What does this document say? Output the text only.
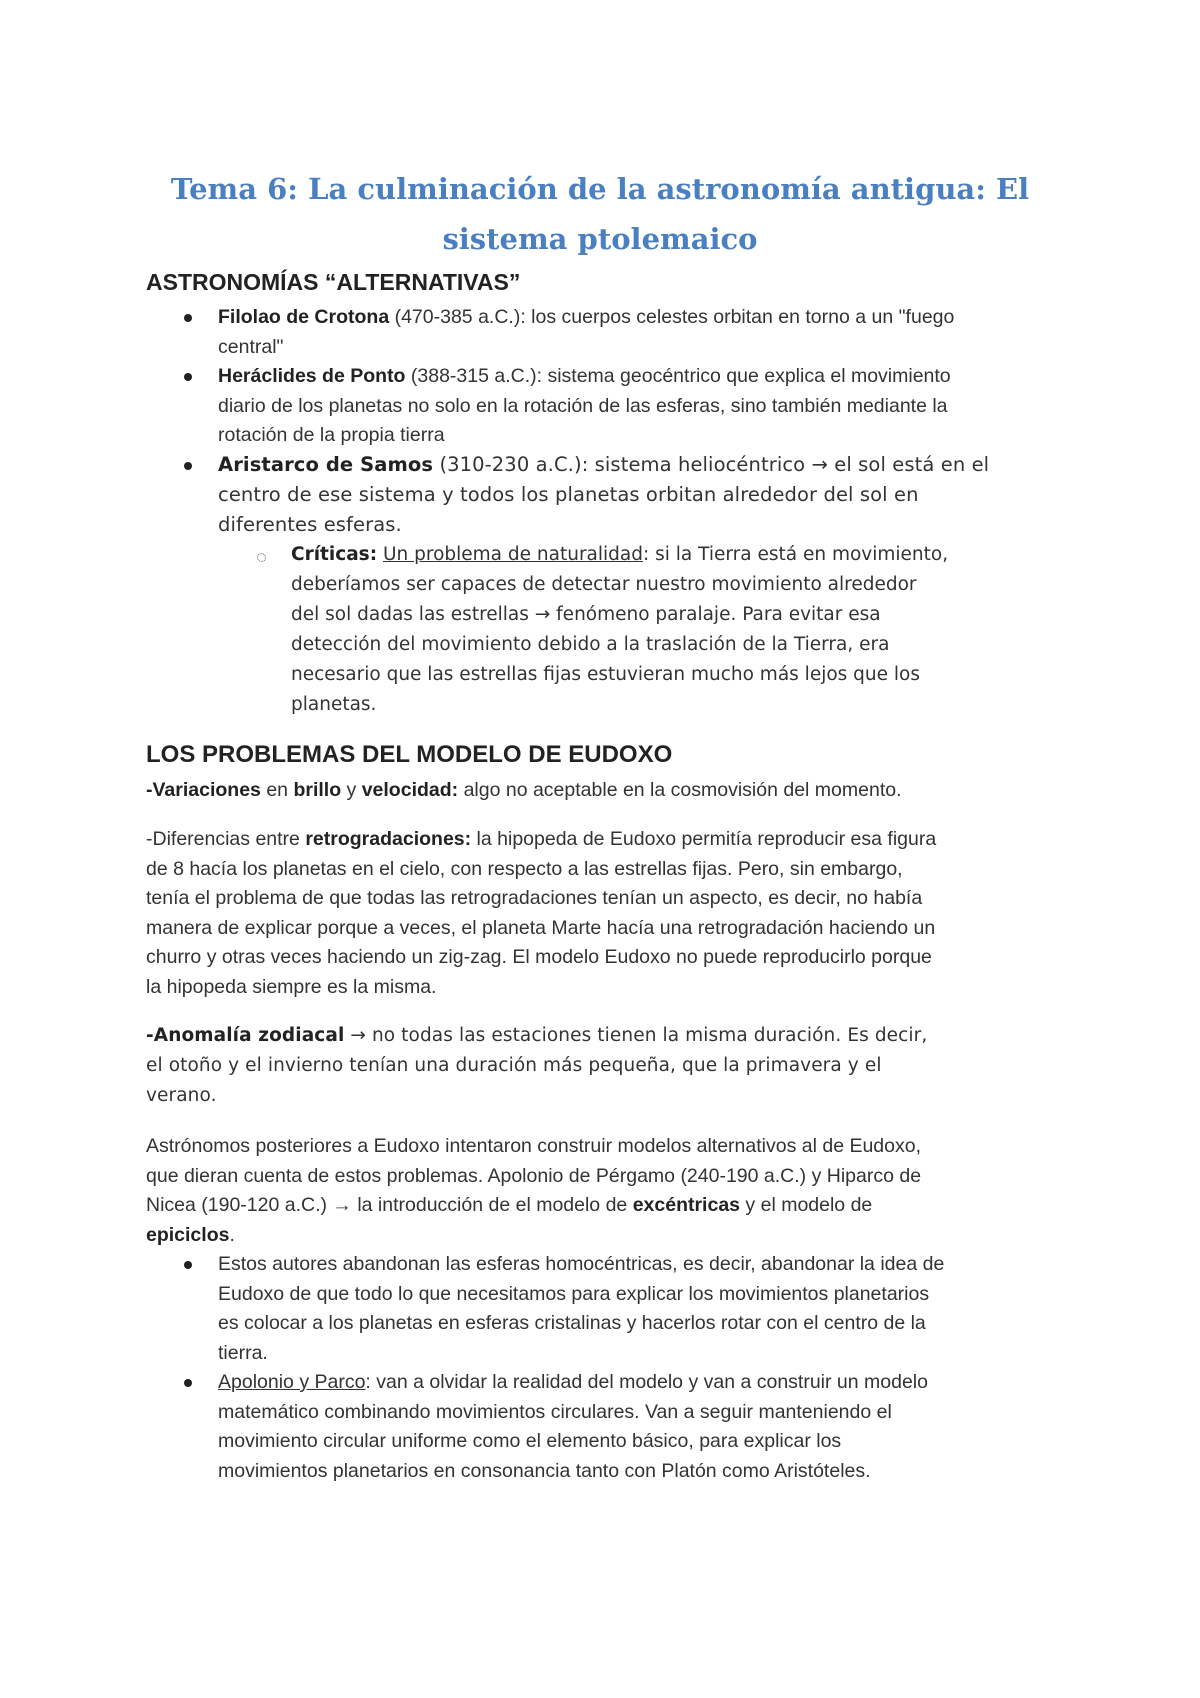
Tema 6: La culminación de la astronomía antigua: El
sistema ptolemaico
ASTRONOMÍAS “ALTERNATIVAS”

Filolao de Crotona (470-385 a.C.): los cuerpos celestes orbitan en torno a un "fuego
central"

Heráclides de Ponto (388-315 a.C.): sistema geocéntrico que explica el movimiento
diario de los planetas no solo en la rotación de las esferas, sino también mediante la
rotación de la propia tierra

Aristarco de Samos (310-230 a.C.): sistema heliocéntrico → el sol está en el
centro de ese sistema y todos los planetas orbitan alrededor del sol en
diferentes esferas.

Críticas: Un problema de naturalidad: si la Tierra está en movimiento,
deberíamos ser capaces de detectar nuestro movimiento alrededor
del sol dadas las estrellas → fenómeno paralaje. Para evitar esa
detección del movimiento debido a la traslación de la Tierra, era
necesario que las estrellas fijas estuvieran mucho más lejos que los
planetas.

LOS PROBLEMAS DEL MODELO DE EUDOXO

-Variaciones en brillo y velocidad: algo no aceptable en la cosmovisión del momento.

-Diferencias entre retrogradaciones: la hipopeda de Eudoxo permitía reproducir esa figura
de 8 hacía los planetas en el cielo, con respecto a las estrellas fijas. Pero, sin embargo,
tenía el problema de que todas las retrogradaciones tenían un aspecto, es decir, no había
manera de explicar porque a veces, el planeta Marte hacía una retrogradación haciendo un
churro y otras veces haciendo un zig-zag. El modelo Eudoxo no puede reproducirlo porque
la hipopeda siempre es la misma.

-Anomalía zodiacal → no todas las estaciones tienen la misma duración. Es decir,
el otoño y el invierno tenían una duración más pequeña, que la primavera y el
verano.

Astrónomos posteriores a Eudoxo intentaron construir modelos alternativos al de Eudoxo,
que dieran cuenta de estos problemas. Apolonio de Pérgamo (240-190 a.C.) y Hiparco de
Nicea (190-120 a.C.) → la introducción de el modelo de excéntricas y el modelo de
epiciclos.

Estos autores abandonan las esferas homocéntricas, es decir, abandonar la idea de
Eudoxo de que todo lo que necesitamos para explicar los movimientos planetarios
es colocar a los planetas en esferas cristalinas y hacerlos rotar con el centro de la
tierra.

Apolonio y Parco: van a olvidar la realidad del modelo y van a construir un modelo
matemático combinando movimientos circulares. Van a seguir manteniendo el
movimiento circular uniforme como el elemento básico, para explicar los
movimientos planetarios en consonancia tanto con Platón como Aristóteles.
